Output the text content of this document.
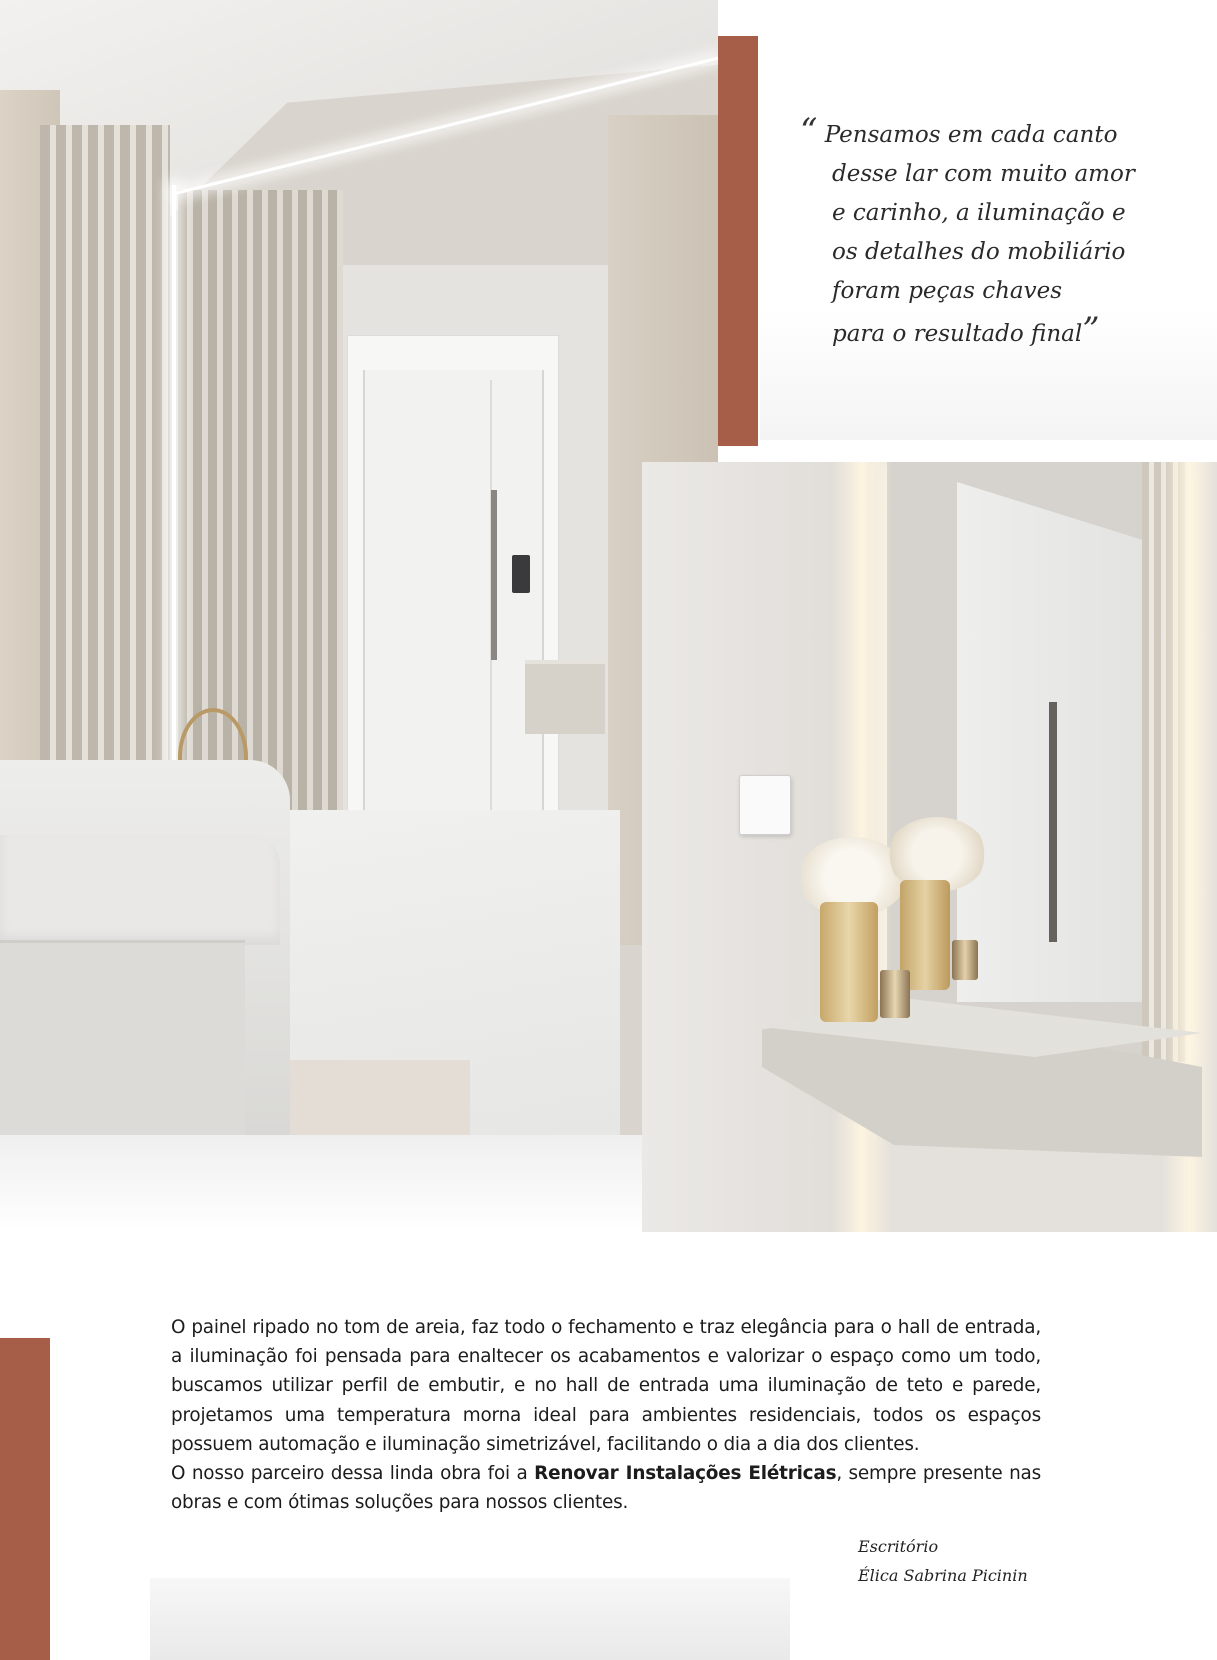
“ Pensamos em cada canto
desse lar com muito amor
e carinho, a iluminação e
os detalhes do mobiliário
foram peças chaves
para o resultado final”

O painel ripado no tom de areia, faz todo o fechamento e traz elegância para o hall de entrada, a iluminação foi pensada para enaltecer os acabamentos e valorizar o espaço como um todo, buscamos utilizar perfil de embutir, e no hall de entrada uma iluminação de teto e parede, projetamos uma temperatura morna ideal para ambientes residenciais, todos os espaços possuem automação e iluminação simetrizável, facilitando o dia a dia dos clientes.

O nosso parceiro dessa linda obra foi a Renovar Instalações Elétricas, sempre presente nas obras e com ótimas soluções para nossos clientes.

Escritório
Élica Sabrina Picinin
